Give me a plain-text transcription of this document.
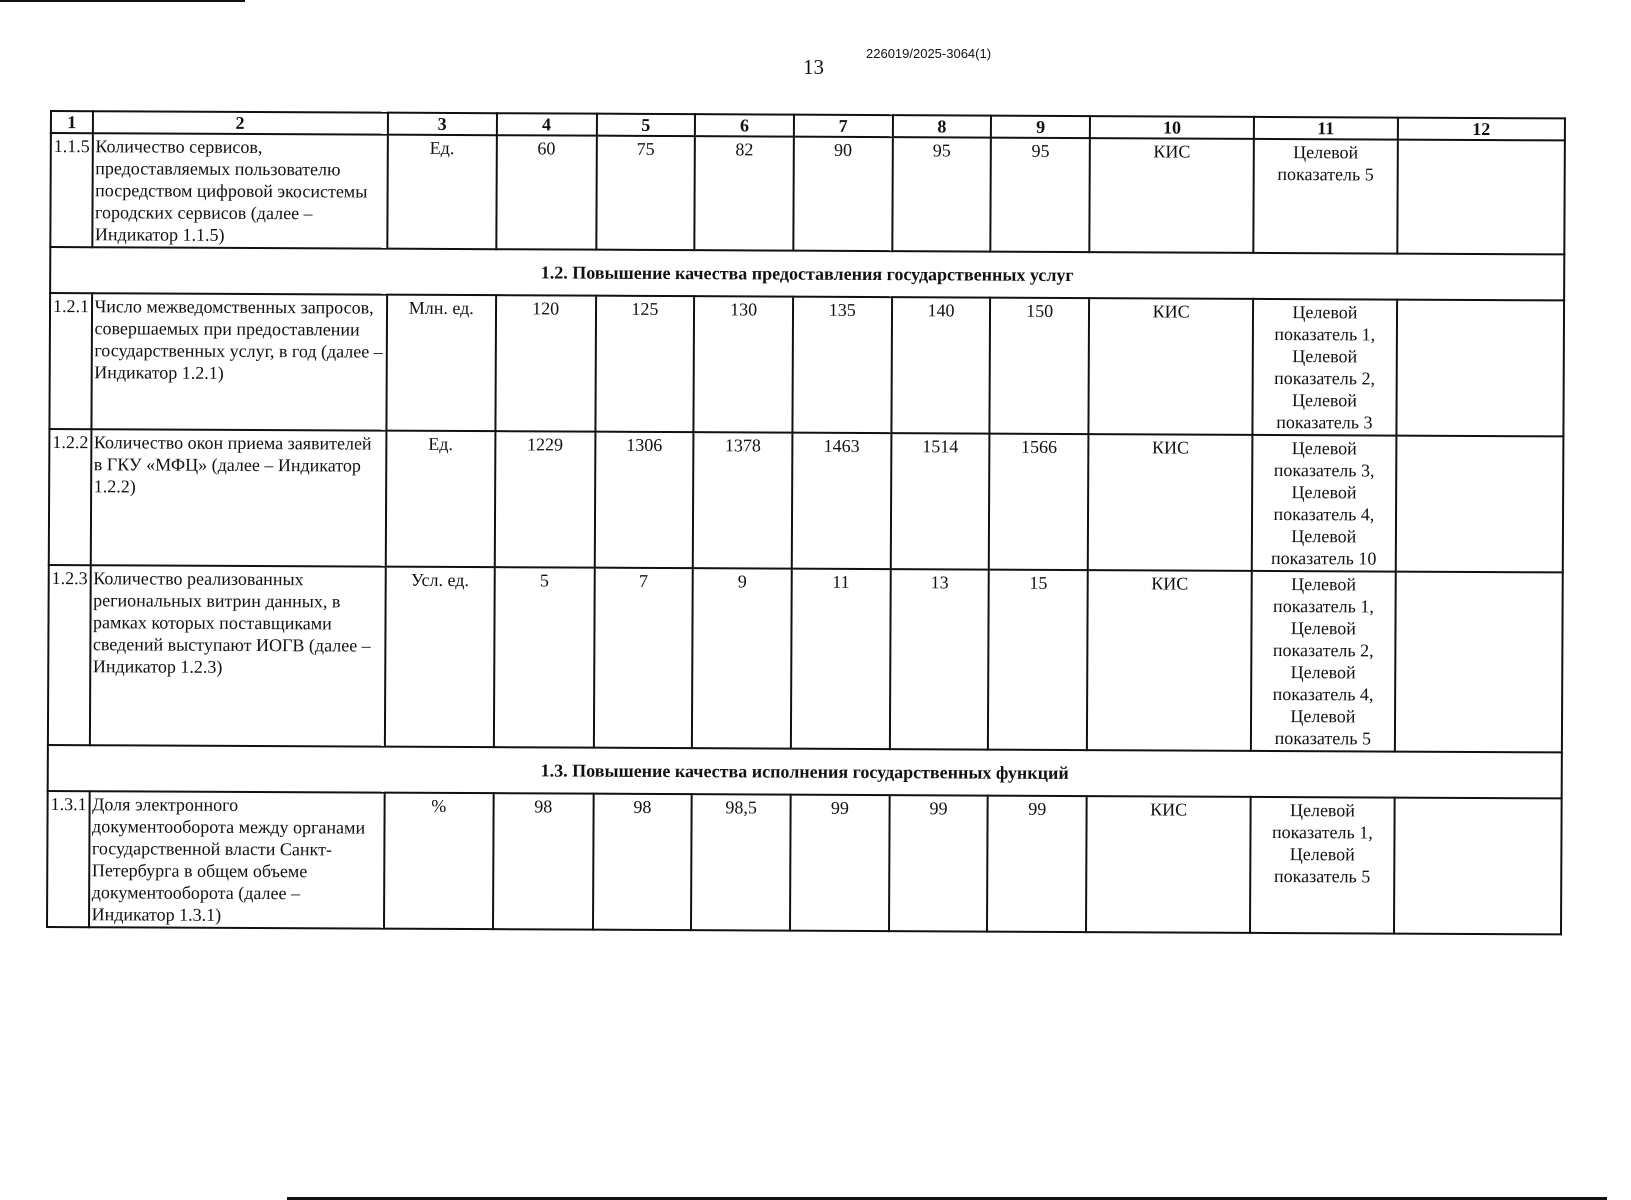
13
226019/2025-3064(1)
1	2	3	4	5	6	7	8	9	10	11	12
1.1.5	Количество сервисов, предоставляемых пользователю посредством цифровой экосистемы городских сервисов (далее – Индикатор 1.1.5)	Ед.	60	75	82	90	95	95	КИС	Целевой показатель 5	
1.2. Повышение качества предоставления государственных услуг											
1.2.1	Число межведомственных запросов, совершаемых при предоставлении государственных услуг, в год (далее – Индикатор 1.2.1)	Млн. ед.	120	125	130	135	140	150	КИС	Целевой показатель 1, Целевой показатель 2, Целевой показатель 3	
1.2.2	Количество окон приема заявителей в ГКУ «МФЦ» (далее – Индикатор 1.2.2)	Ед.	1229	1306	1378	1463	1514	1566	КИС	Целевой показатель 3, Целевой показатель 4, Целевой показатель 10	
1.2.3	Количество реализованных региональных витрин данных, в рамках которых поставщиками сведений выступают ИОГВ (далее – Индикатор 1.2.3)	Усл. ед.	5	7	9	11	13	15	КИС	Целевой показатель 1, Целевой показатель 2, Целевой показатель 4, Целевой показатель 5	
1.3. Повышение качества исполнения государственных функций											
1.3.1	Доля электронного документооборота между органами государственной власти Санкт-Петербурга в общем объеме документооборота (далее – Индикатор 1.3.1)	%	98	98	98,5	99	99	99	КИС	Целевой показатель 1, Целевой показатель 5	
